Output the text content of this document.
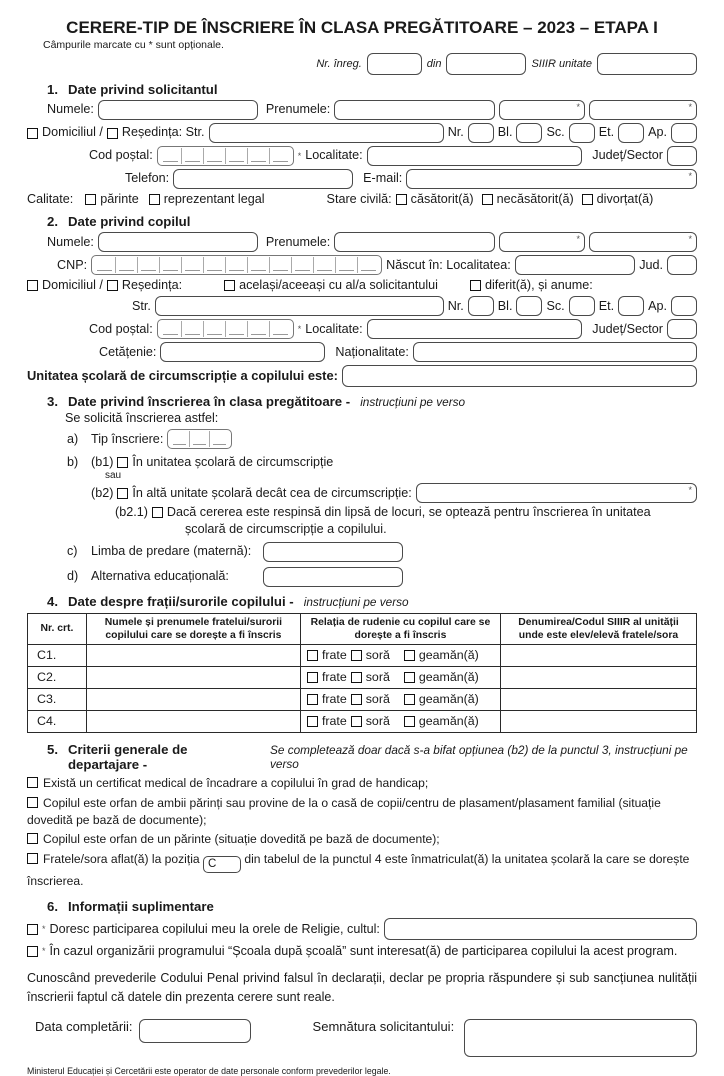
CERERE-TIP DE ÎNSCRIERE ÎN CLASA PREGĂTITOARE – 2023 – ETAPA I
Câmpurile marcate cu * sunt opționale.
Nr. înreg.	din	SIIIR unitate
1. Date privind solicitantul
Numele:	Prenumele:	*	*
Domiciliul / Reședința: Str.	Nr.	Bl.	Sc.	Et.	Ap.
Cod poștal:	* Localitate:	Județ/Sector
Telefon:	E-mail:	*
Calitate: părinte reprezentant legal	Stare civilă: căsătorit(ă) necăsătorit(ă) divorțat(ă)
2. Date privind copilul
Numele:	Prenumele:	*	*
CNP:	Născut în: Localitatea:	Jud.
Domiciliul / Reședința:	același/aceeași cu al/a solicitantului	diferit(ă), și anume:
Str.	Nr.	Bl.	Sc.	Et.	Ap.
Cod poștal:	* Localitate:	Județ/Sector
Cetățenie:	Naționalitate:
Unitatea școlară de circumscripție a copilului este:
3. Date privind înscrierea în clasa pregătitoare - instrucțiuni pe verso
Se solicită înscrierea astfel:
a)	Tip înscriere:
b)	(b1) În unitatea școlară de circumscripție
sau
(b2) În altă unitate școlară decât cea de circumscripție:	*
(b2.1) Dacă cererea este respinsă din lipsă de locuri, se optează pentru înscrierea în unitatea
școlară de circumscripție a copilului.
c)	Limba de predare (maternă):
d)	Alternativa educațională:
4. Date despre frații/surorile copilului - instrucțiuni pe verso
Nr. crt.	Numele și prenumele fratelui/surorii copilului care se dorește a fi înscris	Relația de rudenie cu copilul care se dorește a fi înscris	Denumirea/Codul SIIIR al unității unde este elev/elevă fratele/sora
C1.		frate soră geamăn(ă)	

C2.		frate soră geamăn(ă)	

C3.		frate soră geamăn(ă)	

C4.		frate soră geamăn(ă)	

5. Criterii generale de departajare -
Se completează doar dacă s-a bifat opțiunea (b2) de la punctul 3, instrucțiuni pe verso
Există un certificat medical de încadrare a copilului în grad de handicap;
Copilul este orfan de ambii părinți sau provine de la o casă de copii/centru de plasament/plasament familial (situație dovedită pe bază de documente);
Copilul este orfan de un părinte (situație dovedită pe bază de documente);
Fratele/sora aflat(ă) la poziția C din tabelul de la punctul 4 este înmatriculat(ă) la unitatea școlară la care se dorește înscrierea.
6. Informații suplimentare
* Doresc participarea copilului meu la orele de Religie, cultul:
* În cazul organizării programului “Școala după școală” sunt interesat(ă) de participarea copilului la acest program.
Cunoscând prevederile Codului Penal privind falsul în declarații, declar pe propria răspundere și sub sancțiunea nulității înscrierii faptul că datele din prezenta cerere sunt reale.
Data completării:	Semnătura solicitantului:
Ministerul Educației și Cercetării este operator de date personale conform prevederilor legale.
